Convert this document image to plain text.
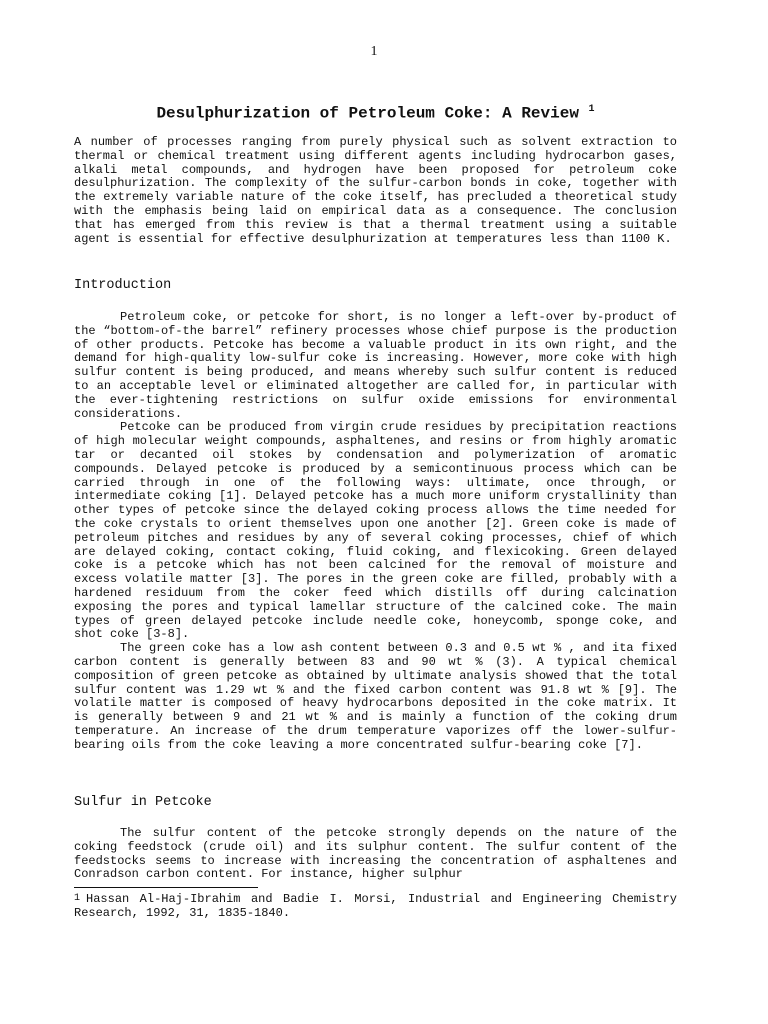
1
Desulphurization of Petroleum Coke: A Review $^1$

A number of processes ranging from purely physical such as solvent extraction to thermal or chemical treatment using different agents including hydrocarbon gases, alkali metal compounds, and hydrogen have been proposed for petroleum coke desulphurization. The complexity of the sulfur-carbon bonds in coke, together with the extremely variable nature of the coke itself, has precluded a theoretical study with the emphasis being laid on empirical data as a consequence. The conclusion that has emerged from this review is that a thermal treatment using a suitable agent is essential for effective desulphurization at temperatures less than 1100 K.

Introduction

Petroleum coke, or petcoke for short, is no longer a left-over by-product of the “bottom-of-the barrel” refinery processes whose chief purpose is the production of other products. Petcoke has become a valuable product in its own right, and the demand for high-quality low-sulfur coke is increasing. However, more coke with high sulfur content is being produced, and means whereby such sulfur content is reduced to an acceptable level or eliminated altogether are called for, in particular with the ever-tightening restrictions on sulfur oxide emissions for environmental considerations.

Petcoke can be produced from virgin crude residues by precipitation reactions of high molecular weight compounds, asphaltenes, and resins or from highly aromatic tar or decanted oil stokes by condensation and polymerization of aromatic compounds. Delayed petcoke is produced by a semicontinuous process which can be carried through in one of the following ways: ultimate, once through, or intermediate coking [1]. Delayed petcoke has a much more uniform crystallinity than other types of petcoke since the delayed coking process allows the time needed for the coke crystals to orient themselves upon one another [2]. Green coke is made of petroleum pitches and residues by any of several coking processes, chief of which are delayed coking, contact coking, fluid coking, and flexicoking. Green delayed coke is a petcoke which has not been calcined for the removal of moisture and excess volatile matter [3]. The pores in the green coke are filled, probably with a hardened residuum from the coker feed which distills off during calcination exposing the pores and typical lamellar structure of the calcined coke. The main types of green delayed petcoke include needle coke, honeycomb, sponge coke, and shot coke [3-8].

The green coke has a low ash content between 0.3 and 0.5 wt % , and ita fixed carbon content is generally between 83 and 90 wt % (3). A typical chemical composition of green petcoke as obtained by ultimate analysis showed that the total sulfur content was 1.29 wt % and the fixed carbon content was 91.8 wt % [9]. The volatile matter is composed of heavy hydrocarbons deposited in the coke matrix. It is generally between 9 and 21 wt % and is mainly a function of the coking drum temperature. An increase of the drum temperature vaporizes off the lower-sulfur-bearing oils from the coke leaving a more concentrated sulfur-bearing coke [7].

Sulfur in Petcoke

The sulfur content of the petcoke strongly depends on the nature of the coking feedstock (crude oil) and its sulphur content. The sulfur content of the feedstocks seems to increase with increasing the concentration of asphaltenes and Conradson carbon content. For instance, higher sulphur

$^1$ Hassan Al-Haj-Ibrahim and Badie I. Morsi, Industrial and Engineering Chemistry Research, 1992, 31, 1835-1840.
